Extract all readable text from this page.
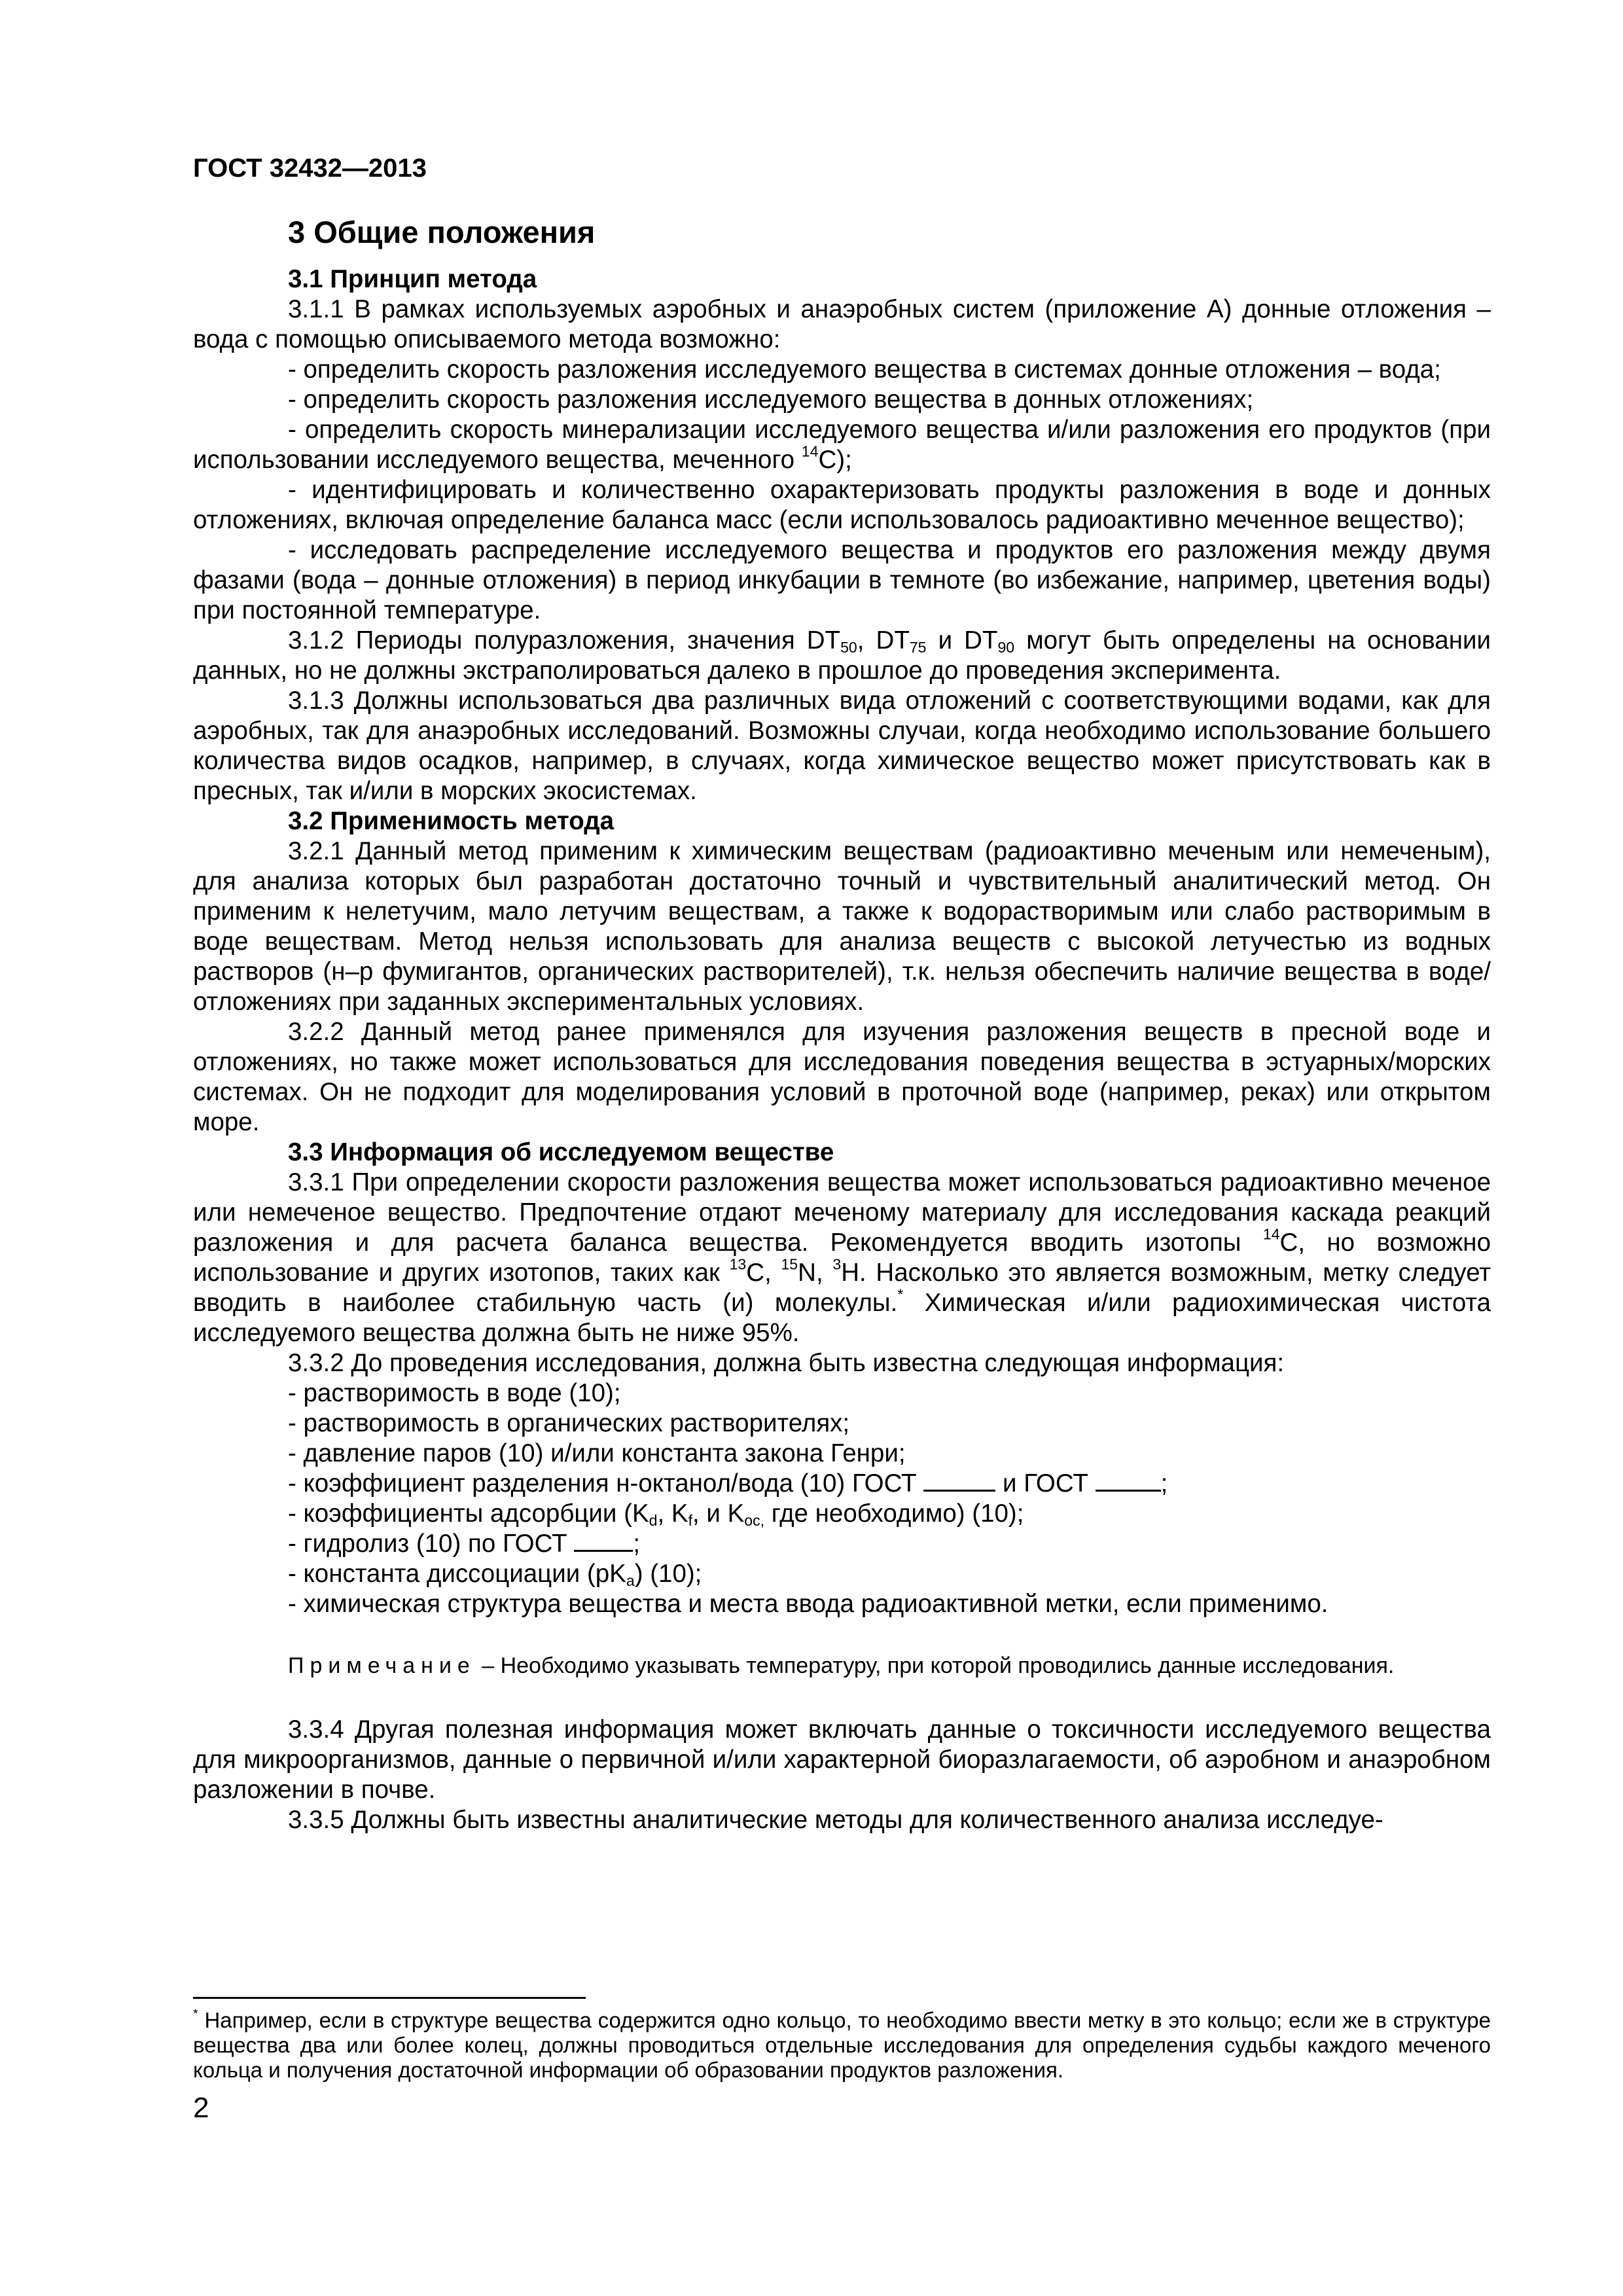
ГОСТ 32432—2013
3 Общие положения

3.1 Принцип метода

3.1.1 В рамках используемых аэробных и анаэробных систем (приложение А) донные отложения – вода с помощью описываемого метода возможно:

- определить скорость разложения исследуемого вещества в системах донные отложения – вода;

- определить скорость разложения исследуемого вещества в донных отложениях;

- определить скорость минерализации исследуемого вещества и/или разложения его продуктов (при использовании исследуемого вещества, меченного $^{14}$С);

- идентифицировать и количественно охарактеризовать продукты разложения в воде и донных отложениях, включая определение баланса масс (если использовалось радиоактивно меченное вещество);

- исследовать распределение исследуемого вещества и продуктов его разложения между двумя фазами (вода – донные отложения) в период инкубации в темноте (во избежание, например, цветения воды) при постоянной температуре.

3.1.2 Периоды полуразложения, значения $DT_{50}$, $DT_{75}$ и $DT_{90}$ могут быть определены на основании данных, но не должны экстраполироваться далеко в прошлое до проведения эксперимента.

3.1.3 Должны использоваться два различных вида отложений с соответствующими водами, как для аэробных, так для анаэробных исследований. Возможны случаи, когда необходимо использование большего количества видов осадков, например, в случаях, когда химическое вещество может присутствовать как в пресных, так и/или в морских экосистемах.

3.2 Применимость метода

3.2.1 Данный метод применим к химическим веществам (радиоактивно меченым или немеченым), для анализа которых был разработан достаточно точный и чувствительный аналитический метод. Он применим к нелетучим, мало летучим веществам, а также к водорастворимым или слабо растворимым в воде веществам. Метод нельзя использовать для анализа веществ с высокой летучестью из водных растворов (н–р фумигантов, органических растворителей), т.к. нельзя обеспечить наличие вещества в воде/отложениях при заданных экспериментальных условиях.

3.2.2 Данный метод ранее применялся для изучения разложения веществ в пресной воде и отложениях, но также может использоваться для исследования поведения вещества в эстуарных/морских системах. Он не подходит для моделирования условий в проточной воде (например, реках) или открытом море.

3.3 Информация об исследуемом веществе

3.3.1 При определении скорости разложения вещества может использоваться радиоактивно меченое или немеченое вещество. Предпочтение отдают меченому материалу для исследования каскада реакций разложения и для расчета баланса вещества. Рекомендуется вводить изотопы $^{14}$С, но возможно использование и других изотопов, таких как $^{13}$С, $^{15}$N, $^3$Н. Насколько это является возможным, метку следует вводить в наиболее стабильную часть (и) молекулы.* Химическая и/или радиохимическая чистота исследуемого вещества должна быть не ниже 95%.

3.3.2 До проведения исследования, должна быть известна следующая информация:

- растворимость в воде (10);

- растворимость в органических растворителях;

- давление паров (10) и/или константа закона Генри;

- коэффициент разделения н-октанол/вода (10) ГОСТ	и ГОСТ	;

- коэффициенты адсорбции ($K_d$, $K_f$, и $K_{oc,}$ где необходимо) (10);

- гидролиз (10) по ГОСТ ;

- константа диссоциации $(pK_a)$ (10);

- химическая структура вещества и места ввода радиоактивной метки, если применимо.

Примечание – Необходимо указывать температуру, при которой проводились данные исследования.

3.3.4 Другая полезная информация может включать данные о токсичности исследуемого вещества для микроорганизмов, данные о первичной и/или характерной биоразлагаемости, об аэробном и анаэробном разложении в почве.

3.3.5 Должны быть известны аналитические методы для количественного анализа исследуе-

* Например, если в структуре вещества содержится одно кольцо, то необходимо ввести метку в это кольцо; если же в структуре вещества два или более колец, должны проводиться отдельные исследования для определения судьбы каждого меченого кольца и получения достаточной информации об образовании продуктов разложения.
2
